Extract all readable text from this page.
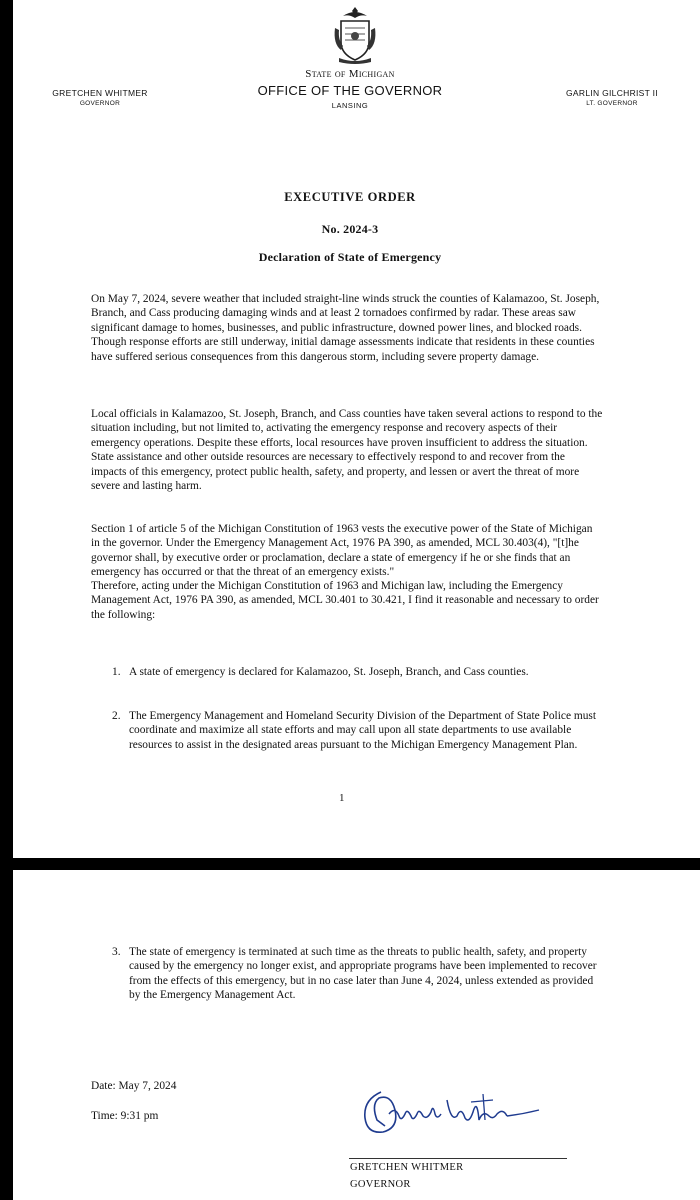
GRETCHEN WHITMER
GOVERNOR
State of Michigan
OFFICE OF THE GOVERNOR
LANSING
GARLIN GILCHRIST II
LT. GOVERNOR
EXECUTIVE ORDER
No. 2024-3
Declaration of State of Emergency

On May 7, 2024, severe weather that included straight-line winds struck the counties of Kalamazoo, St. Joseph, Branch, and Cass producing damaging winds and at least 2 tornadoes confirmed by radar. These areas saw significant damage to homes, businesses, and public infrastructure, downed power lines, and blocked roads. Though response efforts are still underway, initial damage assessments indicate that residents in these counties have suffered serious consequences from this dangerous storm, including severe property damage.

Local officials in Kalamazoo, St. Joseph, Branch, and Cass counties have taken several actions to respond to the situation including, but not limited to, activating the emergency response and recovery aspects of their emergency operations. Despite these efforts, local resources have proven insufficient to address the situation. State assistance and other outside resources are necessary to effectively respond to and recover from the impacts of this emergency, protect public health, safety, and property, and lessen or avert the threat of more severe and lasting harm.

Section 1 of article 5 of the Michigan Constitution of 1963 vests the executive power of the State of Michigan in the governor. Under the Emergency Management Act, 1976 PA 390, as amended, MCL 30.403(4), "[t]he governor shall, by executive order or proclamation, declare a state of emergency if he or she finds that an emergency has occurred or that the threat of an emergency exists."

Therefore, acting under the Michigan Constitution of 1963 and Michigan law, including the Emergency Management Act, 1976 PA 390, as amended, MCL 30.401 to 30.421, I find it reasonable and necessary to order the following:

1. A state of emergency is declared for Kalamazoo, St. Joseph, Branch, and Cass counties.
2. The Emergency Management and Homeland Security Division of the Department of State Police must coordinate and maximize all state efforts and may call upon all state departments to use available resources to assist in the designated areas pursuant to the Michigan Emergency Management Plan.
1
3. The state of emergency is terminated at such time as the threats to public health, safety, and property caused by the emergency no longer exist, and appropriate programs have been implemented to recover from the effects of this emergency, but in no case later than June 4, 2024, unless extended as provided by the Emergency Management Act.
Date: May 7, 2024
Time: 9:31 pm
GRETCHEN WHITMER
GOVERNOR
